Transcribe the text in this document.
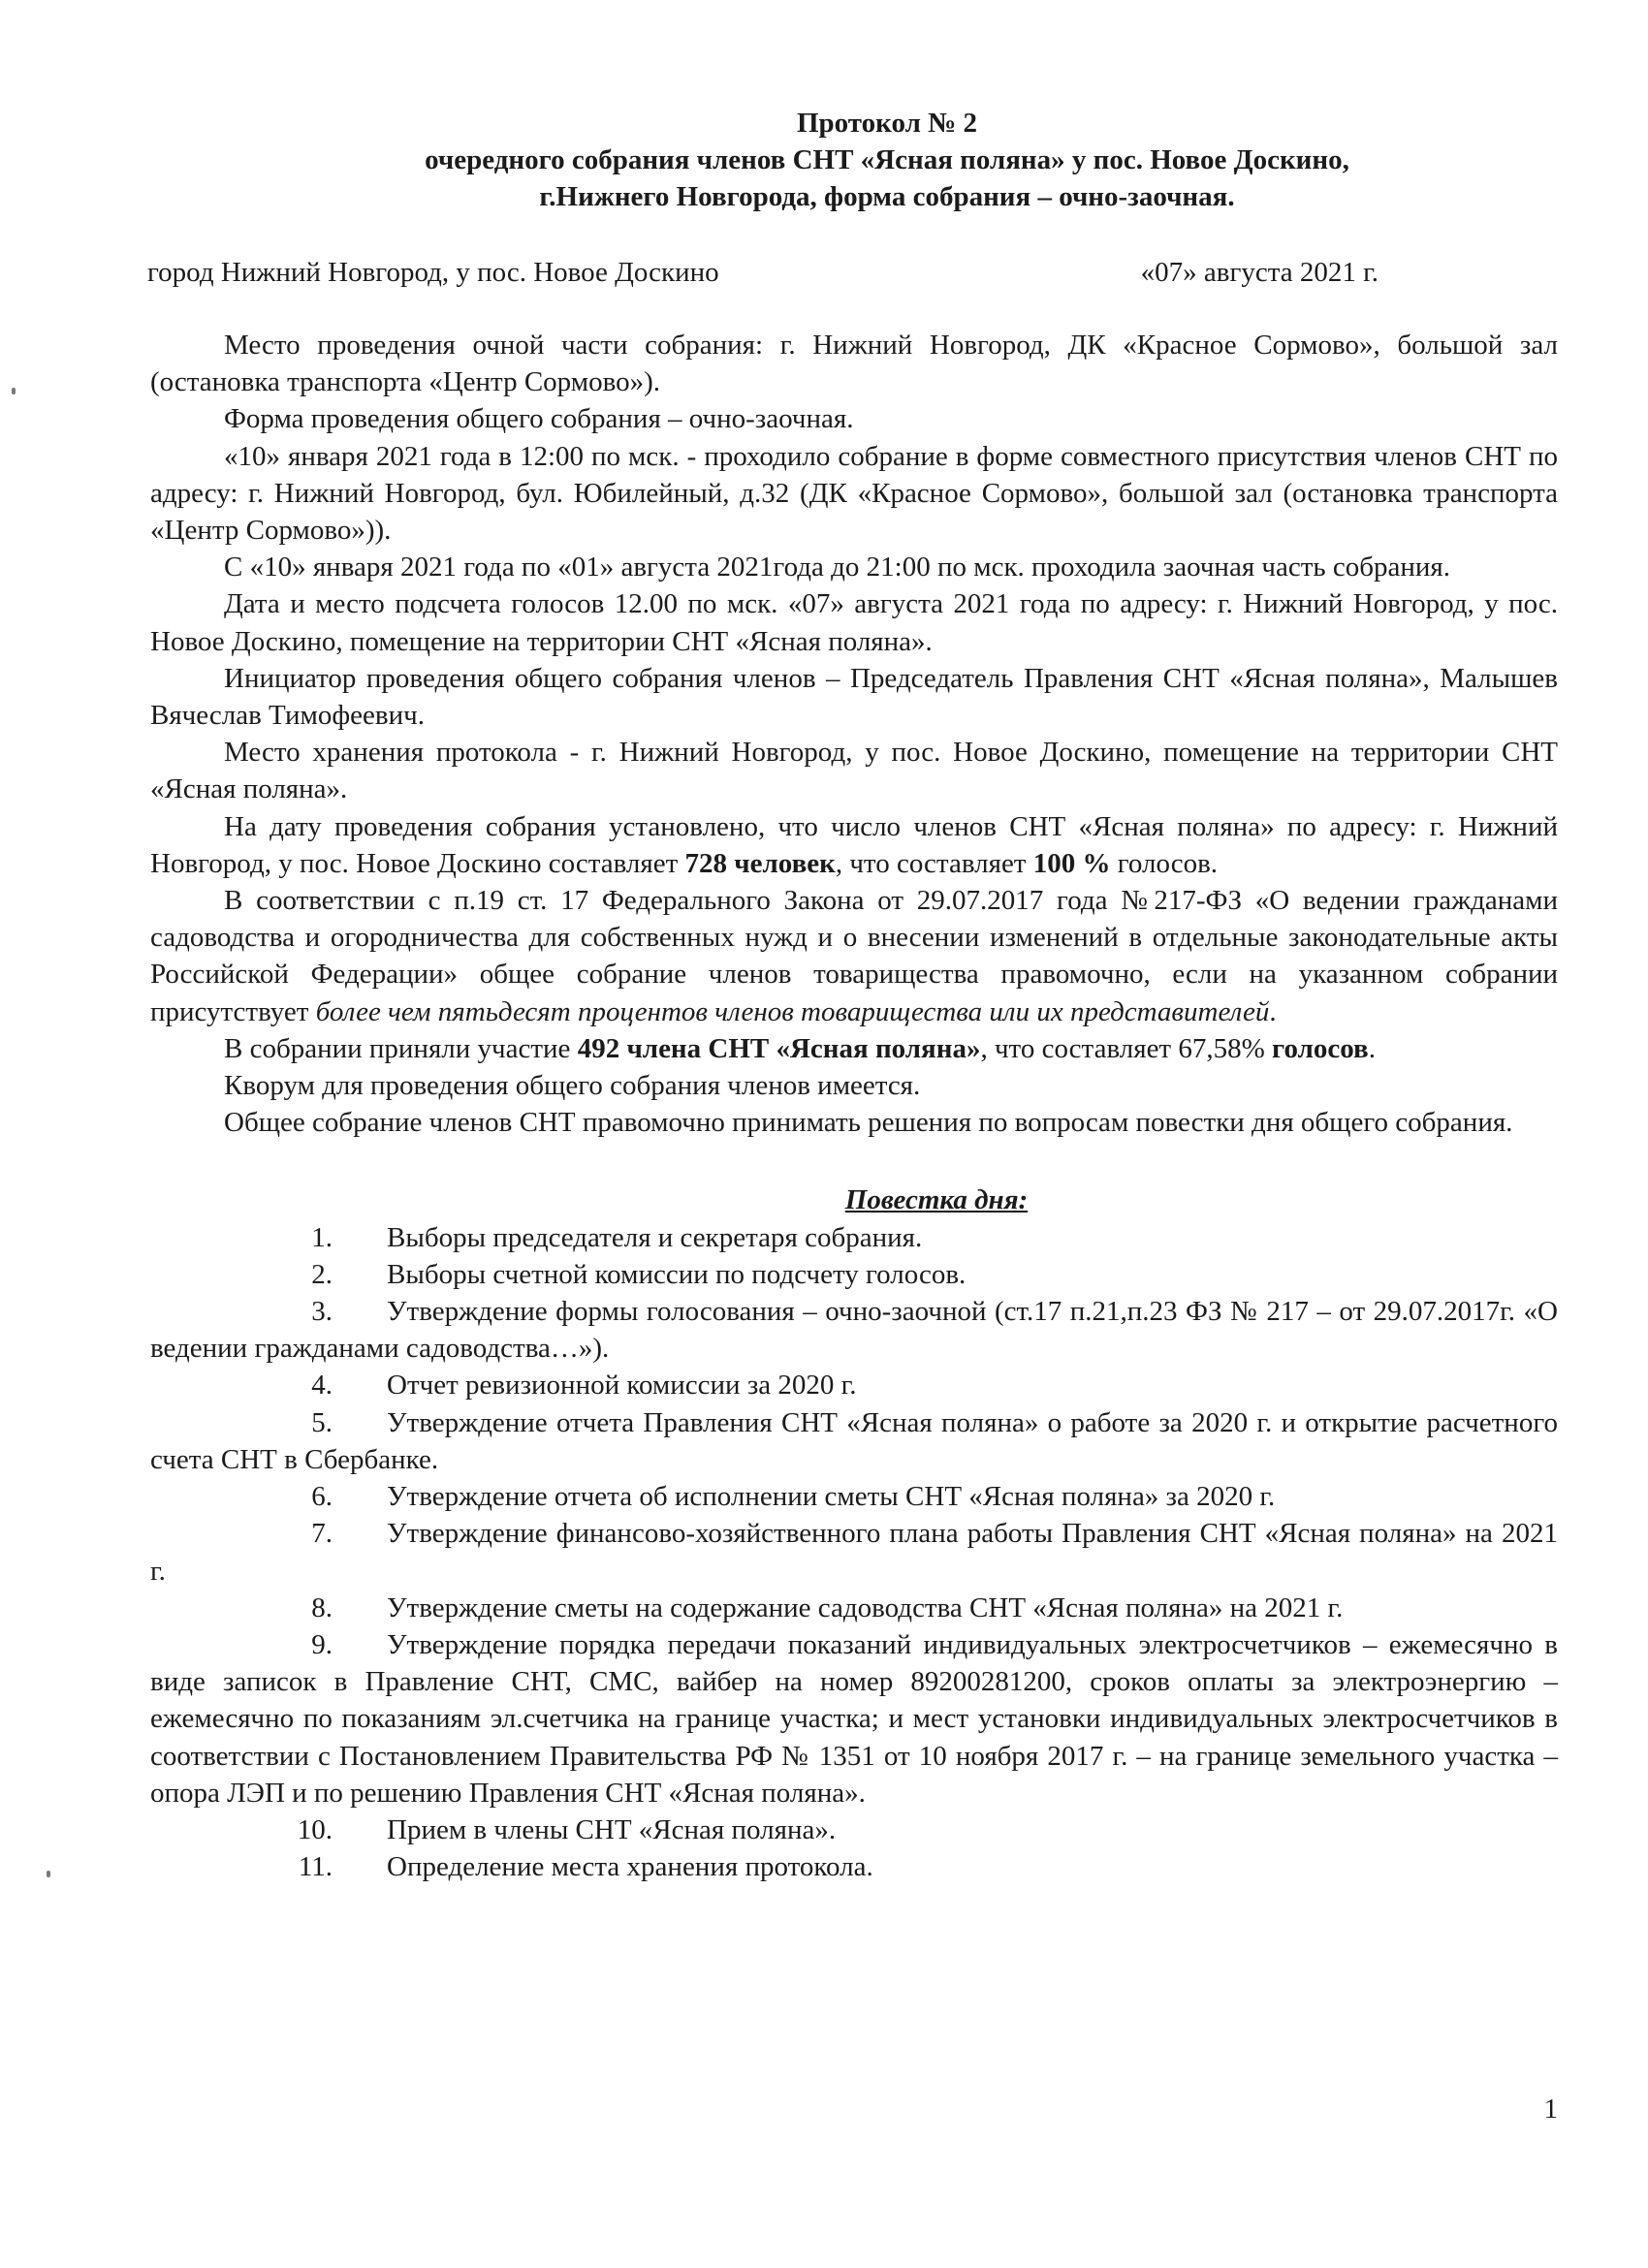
Протокол № 2
очередного собрания членов СНТ «Ясная поляна» у пос. Новое Доскино,
г.Нижнего Новгорода, форма собрания – очно-заочная.
город Нижний Новгород, у пос. Новое Доскино	«07» августа 2021 г.

Место проведения очной части собрания: г. Нижний Новгород, ДК «Красное Сормово», большой зал (остановка транспорта «Центр Сормово»).

Форма проведения общего собрания – очно-заочная.

«10» января 2021 года в 12:00 по мск. - проходило собрание в форме совместного присутствия членов СНТ по адресу: г. Нижний Новгород, бул. Юбилейный, д.32 (ДК «Красное Сормово», большой зал (остановка транспорта «Центр Сормово»)).

С «10» января 2021 года по «01» августа 2021года до 21:00 по мск. проходила заочная часть собрания.

Дата и место подсчета голосов 12.00 по мск. «07» августа 2021 года по адресу: г. Нижний Новгород, у пос. Новое Доскино, помещение на территории СНТ «Ясная поляна».

Инициатор проведения общего собрания членов – Председатель Правления СНТ «Ясная поляна», Малышев Вячеслав Тимофеевич.

Место хранения протокола - г. Нижний Новгород, у пос. Новое Доскино, помещение на территории СНТ «Ясная поляна».

На дату проведения собрания установлено, что число членов СНТ «Ясная поляна» по адресу: г. Нижний Новгород, у пос. Новое Доскино составляет 728 человек, что составляет 100 % голосов.

В соответствии с п.19 ст. 17 Федерального Закона от 29.07.2017 года №217-ФЗ «О ведении гражданами садоводства и огородничества для собственных нужд и о внесении изменений в отдельные законодательные акты Российской Федерации» общее собрание членов товарищества правомочно, если на указанном собрании присутствует более чем пятьдесят процентов членов товарищества или их представителей.

В собрании приняли участие 492 члена СНТ «Ясная поляна», что составляет 67,58% голосов.

Кворум для проведения общего собрания членов имеется.

Общее собрание членов СНТ правомочно принимать решения по вопросам повестки дня общего собрания.

Повестка дня:

1. Выборы председателя и секретаря собрания.

2. Выборы счетной комиссии по подсчету голосов.

3. Утверждение формы голосования – очно-заочной (ст.17 п.21,п.23 ФЗ № 217 – от 29.07.2017г. «О ведении гражданами садоводства…»).

4. Отчет ревизионной комиссии за 2020 г.

5. Утверждение отчета Правления СНТ «Ясная поляна» о работе за 2020 г. и открытие расчетного счета СНТ в Сбербанке.

6. Утверждение отчета об исполнении сметы СНТ «Ясная поляна» за 2020 г.

7. Утверждение финансово-хозяйственного плана работы Правления СНТ «Ясная поляна» на 2021 г.

8. Утверждение сметы на содержание садоводства СНТ «Ясная поляна» на 2021 г.

9. Утверждение порядка передачи показаний индивидуальных электросчетчиков – ежемесячно в виде записок в Правление СНТ, СМС, вайбер на номер 89200281200, сроков оплаты за электроэнергию – ежемесячно по показаниям эл.счетчика на границе участка; и мест установки индивидуальных электросчетчиков в соответствии с Постановлением Правительства РФ № 1351 от 10 ноября 2017 г. – на границе земельного участка – опора ЛЭП и по решению Правления СНТ «Ясная поляна».

10. Прием в члены СНТ «Ясная поляна».

11. Определение места хранения протокола.

1
